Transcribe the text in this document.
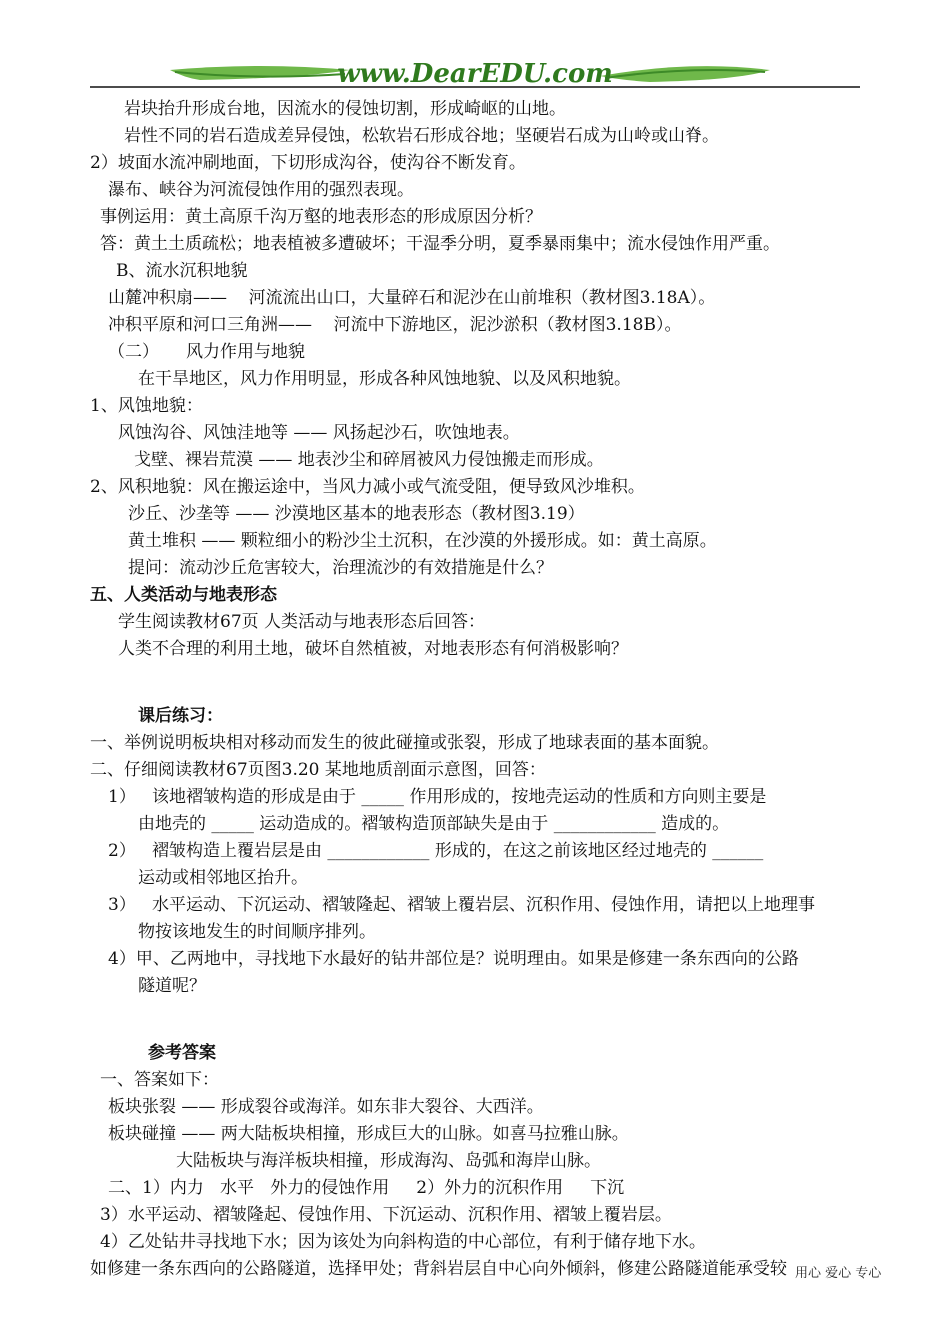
www.DearEDU.com
岩块抬升形成台地，因流水的侵蚀切割，形成崎岖的山地。
岩性不同的岩石造成差异侵蚀，松软岩石形成谷地；坚硬岩石成为山岭或山脊。
2）坡面水流冲刷地面，下切形成沟谷，使沟谷不断发育。
瀑布、峡谷为河流侵蚀作用的强烈表现。
事例运用：黄土高原千沟万壑的地表形态的形成原因分析？
答：黄土土质疏松；地表植被多遭破坏；干湿季分明，夏季暴雨集中；流水侵蚀作用严重。
B、流水沉积地貌
山麓冲积扇——    河流流出山口，大量碎石和泥沙在山前堆积（教材图3.18A）。
冲积平原和河口三角洲——    河流中下游地区，泥沙淤积（教材图3.18B）。
（二）     风力作用与地貌
在干旱地区，风力作用明显，形成各种风蚀地貌、以及风积地貌。
1、风蚀地貌：
风蚀沟谷、风蚀洼地等 —— 风扬起沙石，吹蚀地表。
戈壁、裸岩荒漠 —— 地表沙尘和碎屑被风力侵蚀搬走而形成。
2、风积地貌：风在搬运途中，当风力减小或气流受阻，便导致风沙堆积。
沙丘、沙垄等 —— 沙漠地区基本的地表形态（教材图3.19）
黄土堆积 —— 颗粒细小的粉沙尘土沉积，在沙漠的外援形成。如：黄土高原。
提问：流动沙丘危害较大，治理流沙的有效措施是什么？
五、人类活动与地表形态
学生阅读教材67页 人类活动与地表形态后回答：
人类不合理的利用土地，破坏自然植被，对地表形态有何消极影响？
课后练习：
一、举例说明板块相对移动而发生的彼此碰撞或张裂，形成了地球表面的基本面貌。
二、仔细阅读教材67页图3.20 某地地质剖面示意图，回答：
1）   该地褶皱构造的形成是由于 _____ 作用形成的，按地壳运动的性质和方向则主要是
由地壳的 _____ 运动造成的。褶皱构造顶部缺失是由于 ____________ 造成的。
2）   褶皱构造上覆岩层是由 ____________ 形成的，在这之前该地区经过地壳的 ______
运动或相邻地区抬升。
3）   水平运动、下沉运动、褶皱隆起、褶皱上覆岩层、沉积作用、侵蚀作用，请把以上地理事
物按该地发生的时间顺序排列。
4）甲、乙两地中，寻找地下水最好的钻井部位是？说明理由。如果是修建一条东西向的公路
隧道呢？
参考答案
一、答案如下：
板块张裂 —— 形成裂谷或海洋。如东非大裂谷、大西洋。
板块碰撞 —— 两大陆板块相撞，形成巨大的山脉。如喜马拉雅山脉。
大陆板块与海洋板块相撞，形成海沟、岛弧和海岸山脉。
二、1）内力   水平   外力的侵蚀作用     2）外力的沉积作用     下沉
3）水平运动、褶皱隆起、侵蚀作用、下沉运动、沉积作用、褶皱上覆岩层。
4）乙处钻井寻找地下水；因为该处为向斜构造的中心部位，有利于储存地下水。
如修建一条东西向的公路隧道，选择甲处；背斜岩层自中心向外倾斜，修建公路隧道能承受较 用心 爱心 专心
